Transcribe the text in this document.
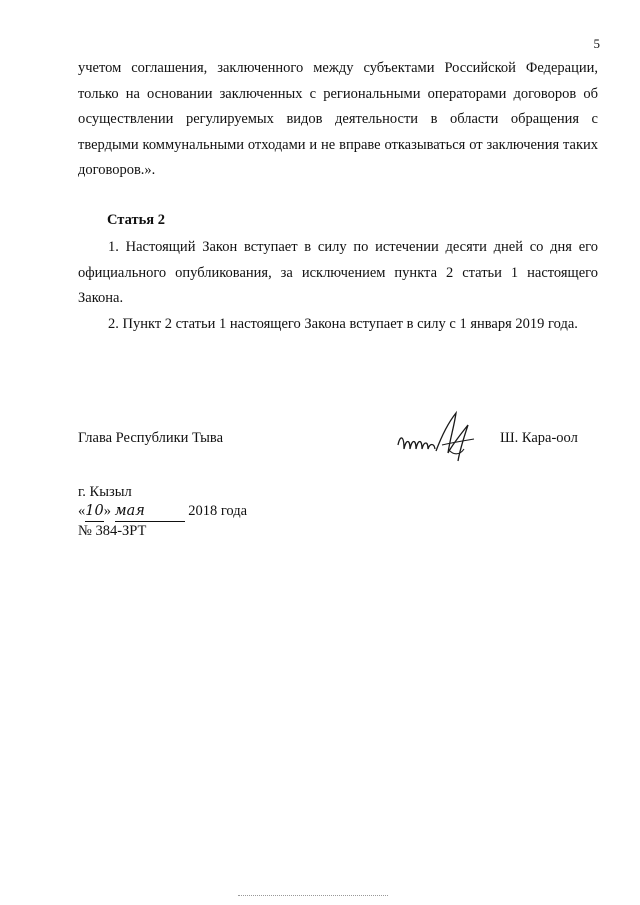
5

учетом соглашения, заключенного между субъектами Российской Федерации, только на основании заключенных с региональными операторами договоров об осуществлении регулируемых видов деятельности в области обращения с твердыми коммунальными отходами и не вправе отказываться от заключения таких договоров.».

Статья 2

1. Настоящий Закон вступает в силу по истечении десяти дней со дня его официального опубликования, за исключением пункта 2 статьи 1 настоящего Закона.

2. Пункт 2 статьи 1 настоящего Закона вступает в силу с 1 января 2019 года.

Глава Республики Тыва	Ш. Кара-оол
г. Кызыл
«10» мая	2018 года
№ 384-ЗРТ
